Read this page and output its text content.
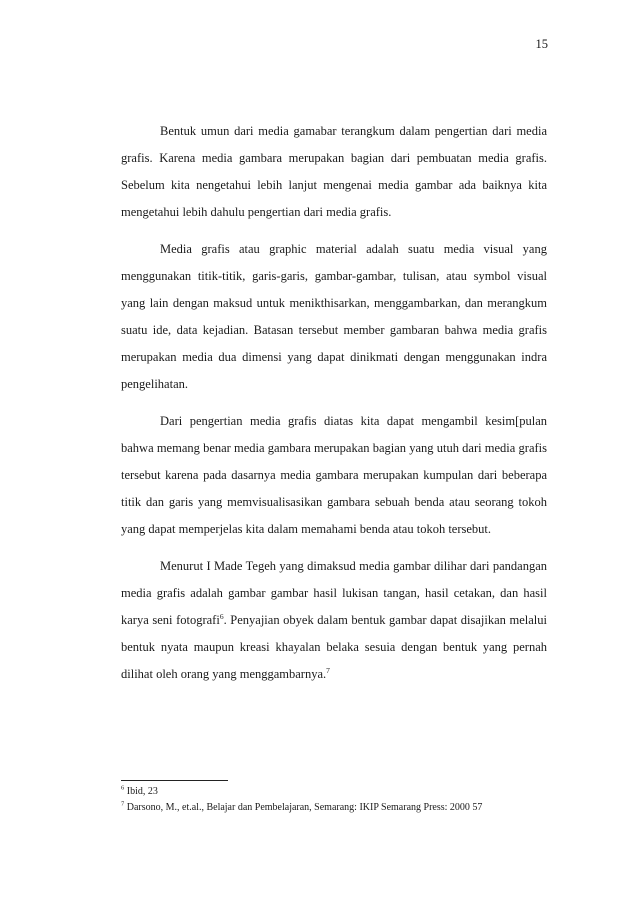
15

Bentuk umun dari media gamabar terangkum dalam pengertian dari media grafis. Karena media gambara merupakan bagian dari pembuatan media grafis. Sebelum kita nengetahui lebih lanjut mengenai media gambar ada baiknya kita mengetahui lebih dahulu pengertian dari media grafis.

Media grafis atau graphic material adalah suatu media visual yang menggunakan titik-titik, garis-garis, gambar-gambar, tulisan, atau symbol visual yang lain dengan maksud untuk menikthisarkan, menggambarkan, dan merangkum suatu ide, data kejadian. Batasan tersebut member gambaran bahwa media grafis merupakan media dua dimensi yang dapat dinikmati dengan menggunakan indra pengelihatan.

Dari pengertian media grafis diatas kita dapat mengambil kesim[pulan bahwa memang benar media gambara merupakan bagian yang utuh dari media grafis tersebut karena pada dasarnya media gambara merupakan kumpulan dari beberapa titik dan garis yang memvisualisasikan gambara sebuah benda atau seorang tokoh yang dapat memperjelas kita dalam memahami benda atau tokoh tersebut.

Menurut I Made Tegeh yang dimaksud media gambar dilihar dari pandangan media grafis adalah gambar gambar hasil lukisan tangan, hasil cetakan, dan hasil karya seni fotografi$^6$. Penyajian obyek dalam bentuk gambar dapat disajikan melalui bentuk nyata maupun kreasi khayalan belaka sesuia dengan bentuk yang pernah dilihat oleh orang yang menggambarnya.$^7$

$^6$ Ibid, 23

$^7$ Darsono, M., et.al., Belajar dan Pembelajaran, Semarang: IKIP Semarang Press: 2000 57
